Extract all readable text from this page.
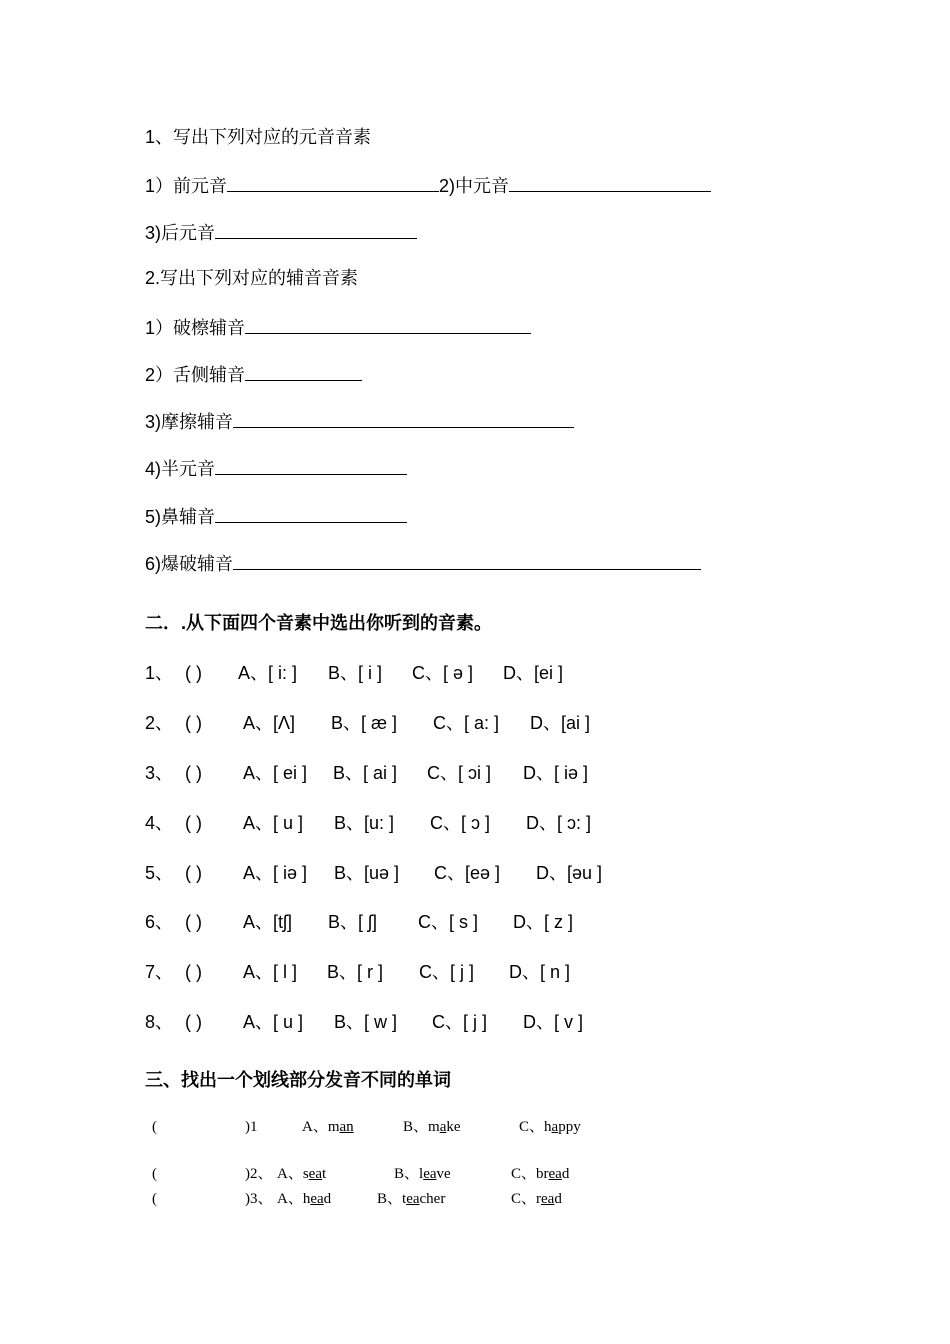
1、写出下列对应的元音音素
1）前元音	2)中元音
3)后元音
2.写出下列对应的辅音音素
1）破檫辅音
2）舌侧辅音
3)摩擦辅音
4)半元音
5)鼻辅音
6)爆破辅音
二．.从下面四个音素中选出你听到的音素。
1、 ( ) A、[ i: ] B、[ i ] C、[ ə ] D、[ei ]
2、 ( ) A、[Λ] B、[ æ ] C、[ a: ] D、[ai ]
3、 ( ) A、[ ei ] B、[ ai ] C、[ ɔi ] D、[ iə ]
4、 ( ) A、[ u ] B、[u: ] C、[ ɔ ] D、[ ɔ: ]
5、 ( ) A、[ iə ] B、[uə ] C、[eə ] D、[əu ]
6、 ( ) A、[tʃ] B、[ ʃ] C、[ s ] D、[ z ]
7、 ( ) A、[ l ] B、[ r ] C、[ j ] D、[ n ]
8、 ( ) A、[ u ] B、[ w ] C、[ j ] D、[ v ]
三、找出一个划线部分发音不同的单词
(	)1	A、man	B、make	C、happy
(	)2、 A、seat	B、leave	C、bread
(	)3、 A、head	B、teacher	C、read
